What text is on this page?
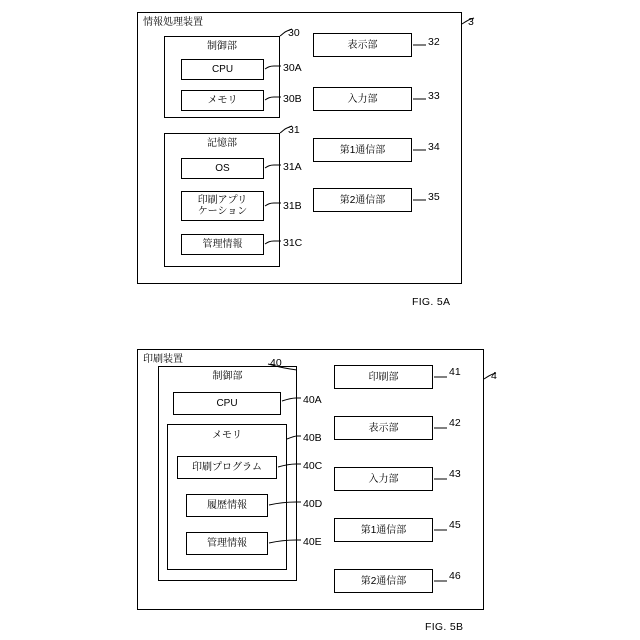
情報処理装置
制御部
CPU
メモリ
記憶部
OS
印刷アプリ
ケーション
管理情報
表示部
入力部
第1通信部
第2通信部
30
30A
30B
31
31A
31B
31C
32
33
34
35
3
FIG. 5A
印刷装置
制御部
CPU
メモリ
印刷プログラム
履歴情報
管理情報
印刷部
表示部
入力部
第1通信部
第2通信部
40
40A
40B
40C
40D
40E
41
42
43
45
46
4
FIG. 5B
